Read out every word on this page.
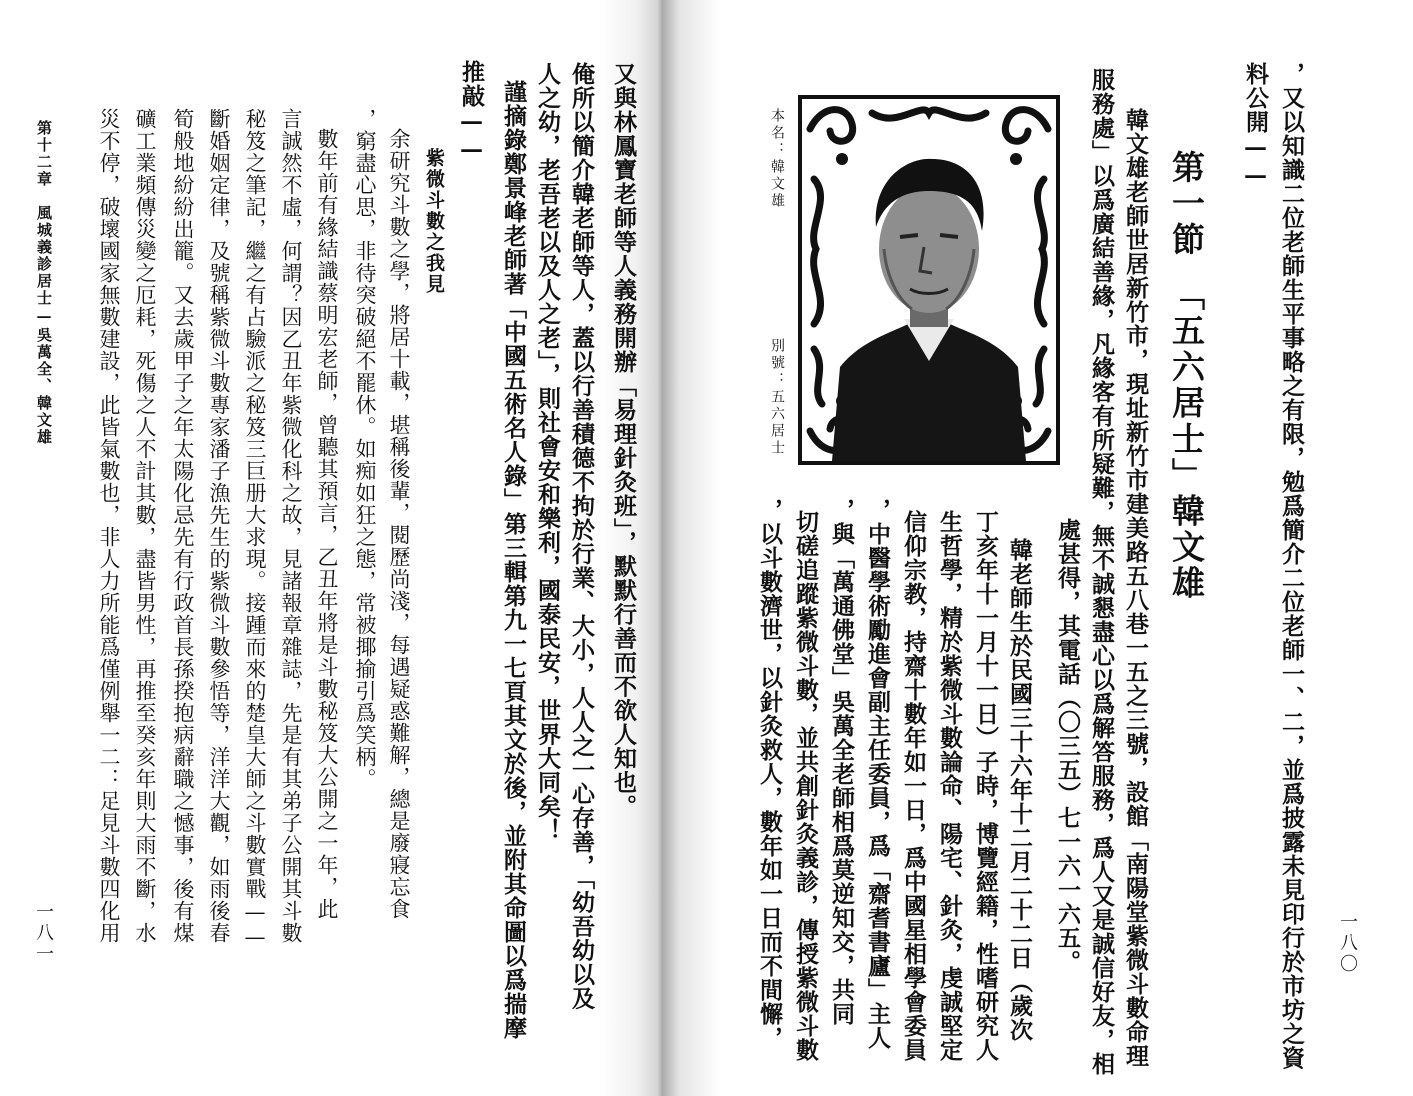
一八〇
，又以知識二位老師生平事略之有限，勉爲簡介二位老師一、二，並爲披露未見印行於市坊之資
料公開——
第一節　「五六居士」韓文雄
韓文雄老師世居新竹市，現址新竹市建美路五八巷一五之三號，設館「南陽堂紫微斗數命理
服務處」以爲廣結善緣，凡緣客有所疑難，無不誠懇盡心以爲解答服務，爲人又是誠信好友，相
本名：韓文雄
別號：五六居士
處甚得，其電話（〇三五）七一六一六五。
韓老師生於民國三十六年十二月二十二日（歲次
丁亥年十一月十一日）子時，博覽經籍，性嗜研究人
生哲學，精於紫微斗數論命、陽宅、針灸，虔誠堅定
信仰宗教，持齋十數年如一日，爲中國星相學會委員
，中醫學術勵進會副主任委員，爲「齋耆書廬」主人
，與「萬通佛堂」吳萬全老師相爲莫逆知交，共同
切磋追蹤紫微斗數，並共創針灸義診，傳授紫微斗數
，以斗數濟世，以針灸救人，數年如一日而不間懈，
又與林鳳寶老師等人義務開辦「易理針灸班」，默默行善而不欲人知也。
俺所以簡介韓老師等人，蓋以行善積德不拘於行業、大小，人人之一心存善，「幼吾幼以及
人之幼，老吾老以及人之老」，則社會安和樂利，國泰民安，世界大同矣！
謹摘錄鄭景峰老師著「中國五術名人錄」第三輯第九一七頁其文於後，並附其命圖以爲揣摩
推敲——
紫微斗數之我見
余研究斗數之學，將居十載，堪稱後輩，閱歷尚淺，每遇疑惑難解，總是廢寢忘食
，窮盡心思，非待突破絕不罷休。如痴如狂之態，常被揶揄引爲笑柄。
數年前有緣結識蔡明宏老師，曾聽其預言，乙丑年將是斗數秘笈大公開之一年，此
言誠然不虛，何謂？因乙丑年紫微化科之故，見諸報章雜誌，先是有其弟子公開其斗數
秘笈之筆記，繼之有占驗派之秘笈三巨册大求現。接踵而來的楚皇大師之斗數實戰——
斷婚姻定律，及號稱紫微斗數專家潘子漁先生的紫微斗數參悟等，洋洋大觀，如雨後春
筍般地紛紛出籠。又去歲甲子之年太陽化忌先有行政首長孫揆抱病辭職之憾事，後有煤
礦工業頻傳災變之厄耗，死傷之人不計其數，盡皆男性，再推至癸亥年則大雨不斷，水
災不停，破壞國家無數建設，此皆氣數也，非人力所能爲僅例舉一二：足見斗數四化用
第十二章　風城義診居士—吳萬全、韓文雄
一八一
